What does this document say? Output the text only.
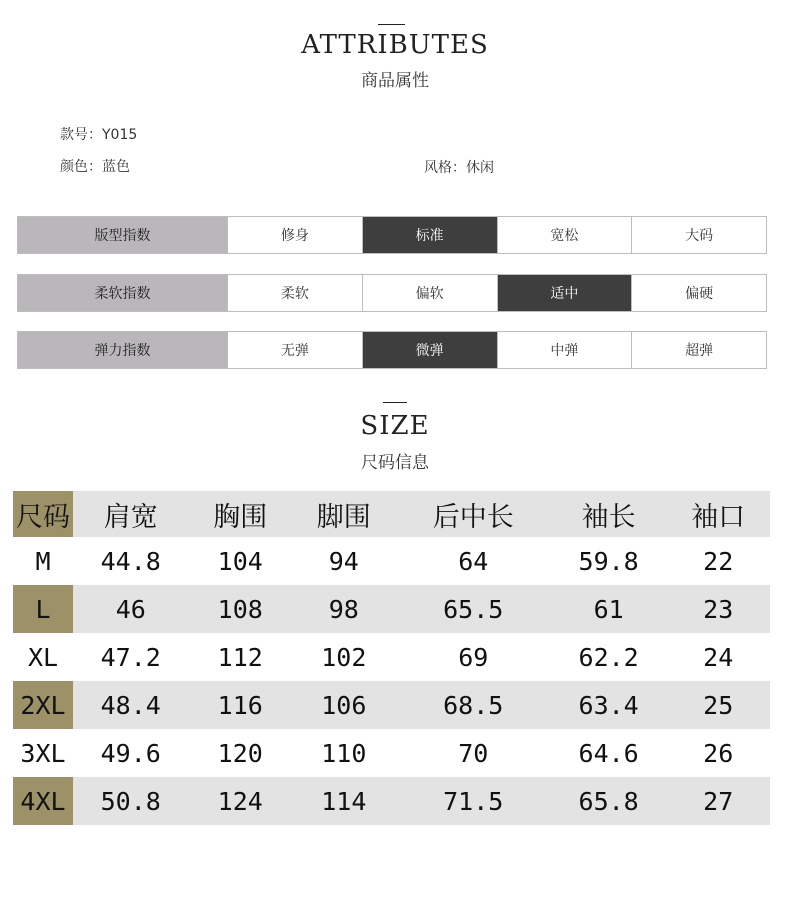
ATTRIBUTES
商品属性
款号：Y015
颜色：蓝色	风格：休闲
版型指数	修身	标准	宽松	大码
柔软指数	柔软	偏软	适中	偏硬
弹力指数	无弹	微弹	中弹	超弹
SIZE
尺码信息
尺码	肩宽	胸围	脚围	后中长	袖长	袖口
M	44.8	104	94	64	59.8	22
L	46	108	98	65.5	61	23
XL	47.2	112	102	69	62.2	24
2XL	48.4	116	106	68.5	63.4	25
3XL	49.6	120	110	70	64.6	26
4XL	50.8	124	114	71.5	65.8	27
